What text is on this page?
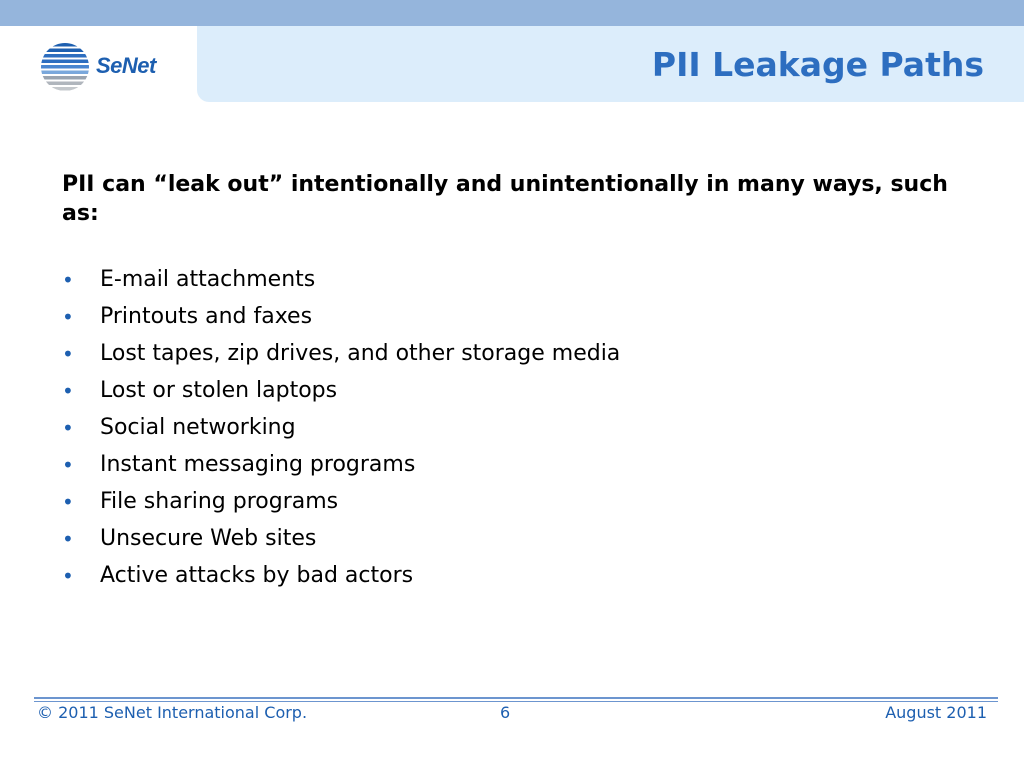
SeNet	PII Leakage Paths
PII can “leak out” intentionally and unintentionally in many ways, such as:
• E-mail attachments
• Printouts and faxes
• Lost tapes, zip drives, and other storage media
• Lost or stolen laptops
• Social networking
• Instant messaging programs
• File sharing programs
• Unsecure Web sites
• Active attacks by bad actors
© 2011 SeNet International Corp.	6	August 2011
